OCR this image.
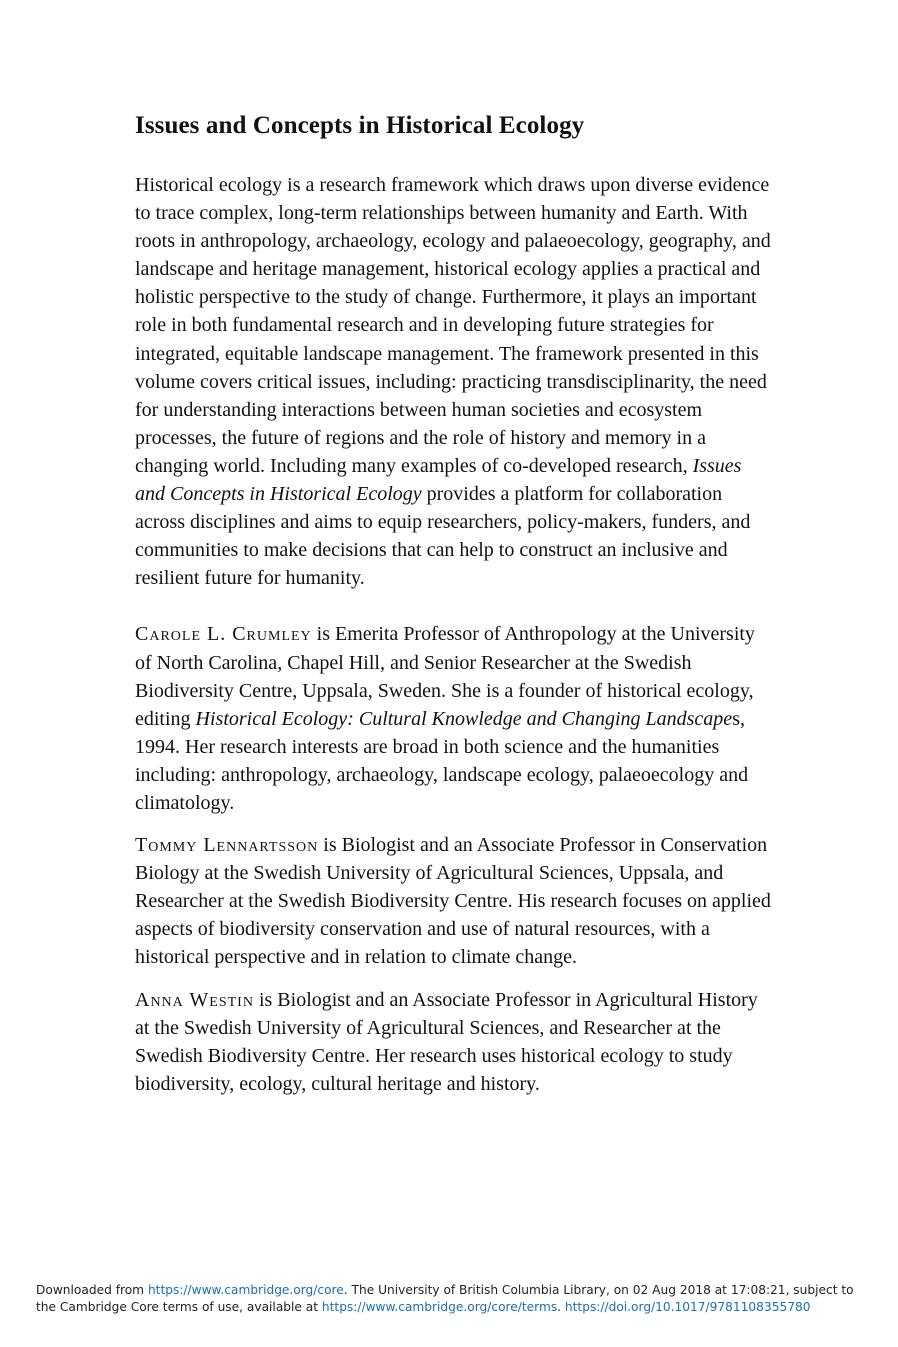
Issues and Concepts in Historical Ecology

Historical ecology is a research framework which draws upon diverse evidence to trace complex, long-term relationships between humanity and Earth. With roots in anthropology, archaeology, ecology and palaeoecology, geography, and landscape and heritage management, historical ecology applies a practical and holistic perspective to the study of change. Furthermore, it plays an important role in both fundamental research and in developing future strategies for integrated, equitable landscape management. The framework presented in this volume covers critical issues, including: practicing transdisciplinarity, the need for understanding interactions between human societies and ecosystem processes, the future of regions and the role of history and memory in a changing world. Including many examples of co-developed research, Issues and Concepts in Historical Ecology provides a platform for collaboration across disciplines and aims to equip researchers, policy-makers, funders, and communities to make decisions that can help to construct an inclusive and resilient future for humanity.

Carole L. Crumley is Emerita Professor of Anthropology at the University of North Carolina, Chapel Hill, and Senior Researcher at the Swedish Biodiversity Centre, Uppsala, Sweden. She is a founder of historical ecology, editing Historical Ecology: Cultural Knowledge and Changing Landscapes, 1994. Her research interests are broad in both science and the humanities including: anthropology, archaeology, landscape ecology, palaeoecology and climatology.

Tommy Lennartsson is Biologist and an Associate Professor in Conservation Biology at the Swedish University of Agricultural Sciences, Uppsala, and Researcher at the Swedish Biodiversity Centre. His research focuses on applied aspects of biodiversity conservation and use of natural resources, with a historical perspective and in relation to climate change.

Anna Westin is Biologist and an Associate Professor in Agricultural History at the Swedish University of Agricultural Sciences, and Researcher at the Swedish Biodiversity Centre. Her research uses historical ecology to study biodiversity, ecology, cultural heritage and history.

Downloaded from https://www.cambridge.org/core. The University of British Columbia Library, on 02 Aug 2018 at 17:08:21, subject to the Cambridge Core terms of use, available at https://www.cambridge.org/core/terms. https://doi.org/10.1017/9781108355780
